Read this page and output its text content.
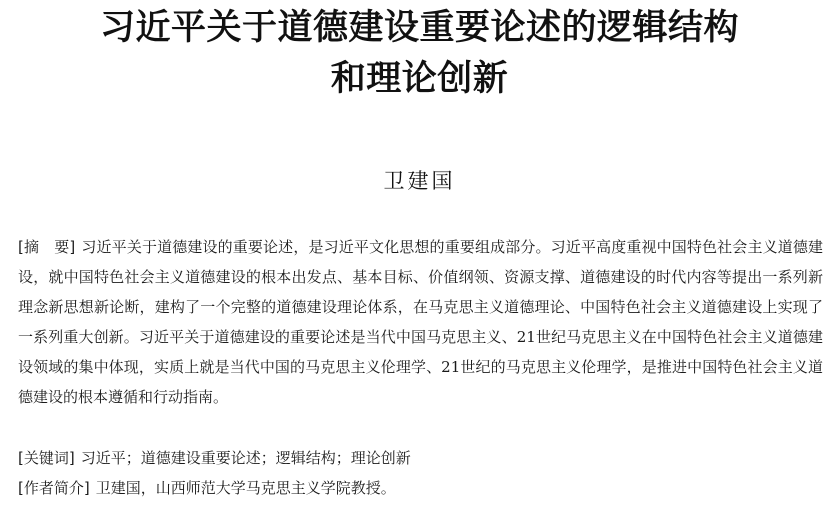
习近平关于道德建设重要论述的逻辑结构
和理论创新
卫建国
[摘　要] 习近平关于道德建设的重要论述，是习近平文化思想的重要组成部分。习近平高度重视中国特色社会主义道德建设，就中国特色社会主义道德建设的根本出发点、基本目标、价值纲领、资源支撑、道德建设的时代内容等提出一系列新理念新思想新论断，建构了一个完整的道德建设理论体系，在马克思主义道德理论、中国特色社会主义道德建设上实现了一系列重大创新。习近平关于道德建设的重要论述是当代中国马克思主义、21世纪马克思主义在中国特色社会主义道德建设领域的集中体现，实质上就是当代中国的马克思主义伦理学、21世纪的马克思主义伦理学，是推进中国特色社会主义道德建设的根本遵循和行动指南。
[关键词] 习近平；道德建设重要论述；逻辑结构；理论创新
[作者简介] 卫建国，山西师范大学马克思主义学院教授。
